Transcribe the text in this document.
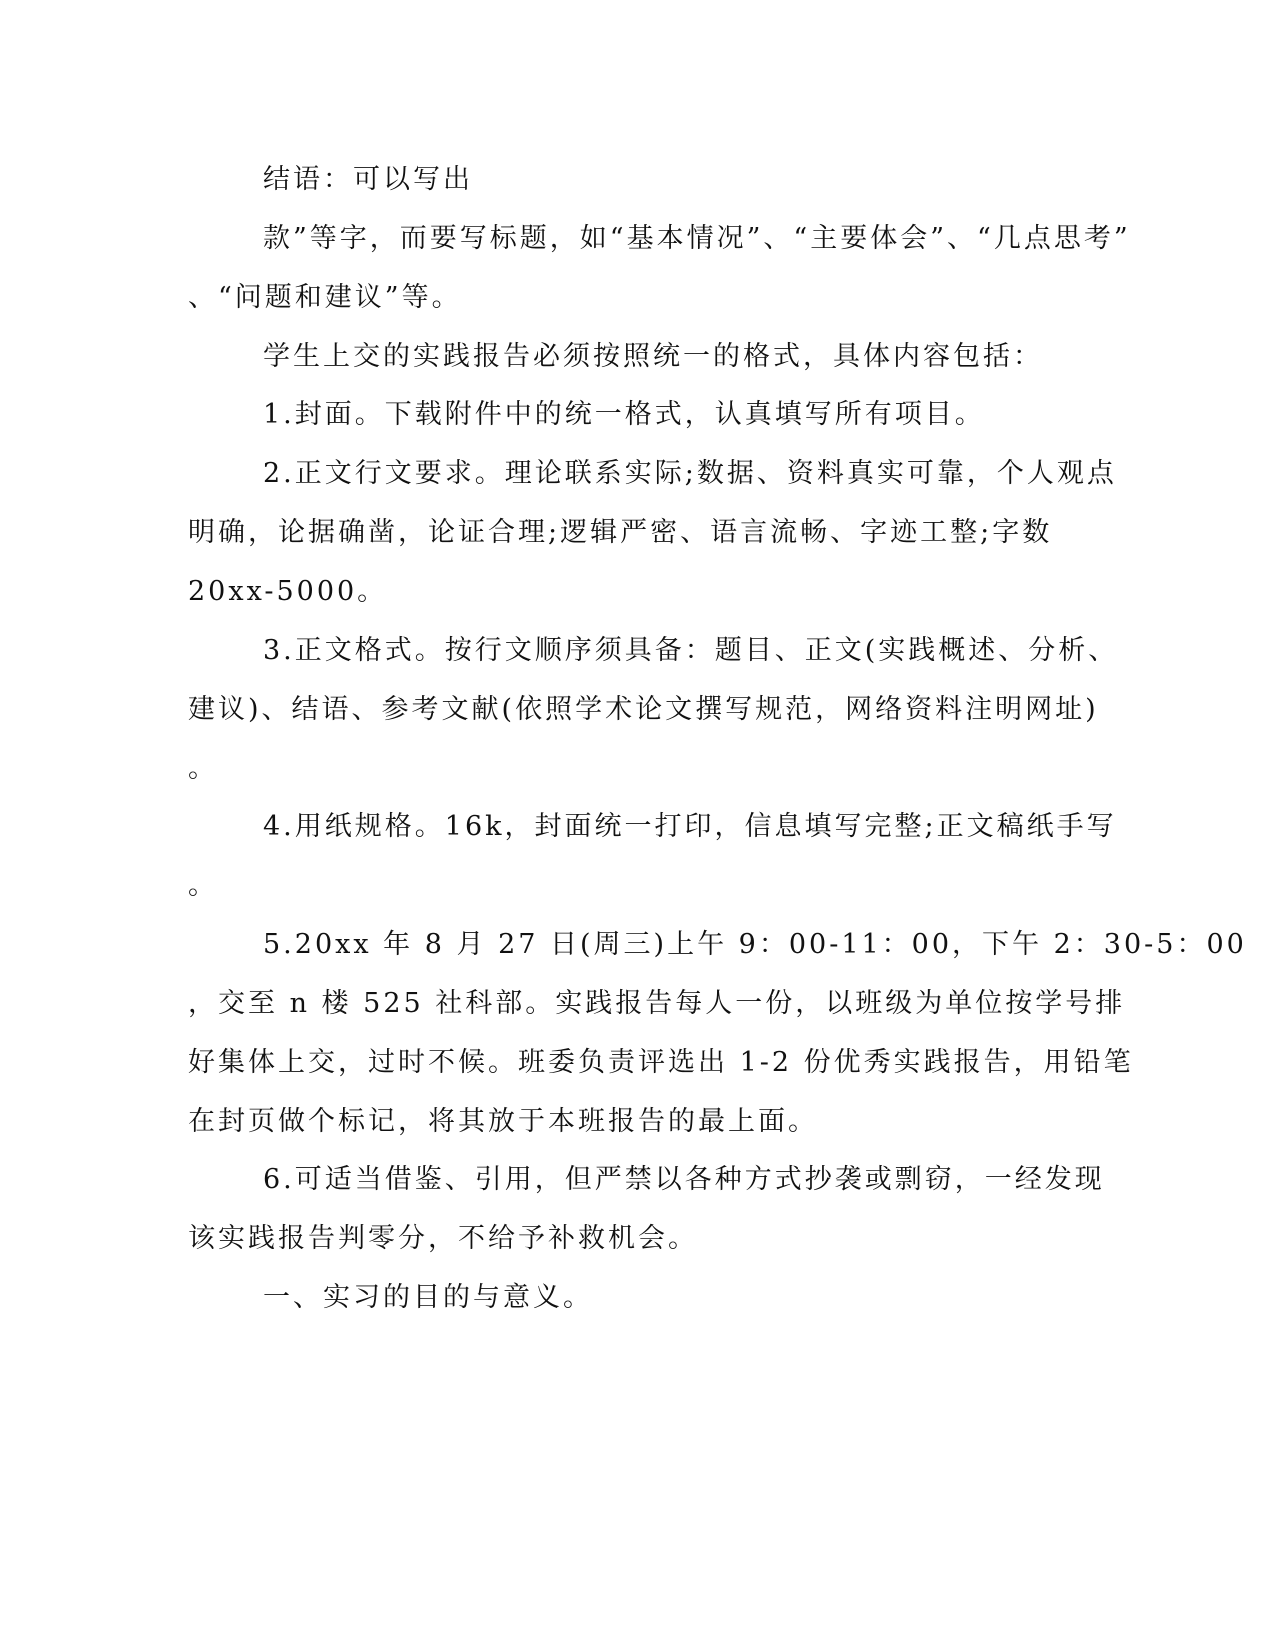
结语：可以写出
款”等字，而要写标题，如“基本情况”、“主要体会”、“几点思考”
、“问题和建议”等。
学生上交的实践报告必须按照统一的格式，具体内容包括：
1.封面。下载附件中的统一格式，认真填写所有项目。
2.正文行文要求。理论联系实际;数据、资料真实可靠，个人观点
明确，论据确凿，论证合理;逻辑严密、语言流畅、字迹工整;字数
20xx-5000。
3.正文格式。按行文顺序须具备：题目、正文(实践概述、分析、
建议)、结语、参考文献(依照学术论文撰写规范，网络资料注明网址)
。
4.用纸规格。16k，封面统一打印，信息填写完整;正文稿纸手写
。
5.20xx 年 8 月 27 日(周三)上午 9：00-11：00，下午 2：30-5：00
，交至 n 楼 525 社科部。实践报告每人一份，以班级为单位按学号排
好集体上交，过时不候。班委负责评选出 1-2 份优秀实践报告，用铅笔
在封页做个标记，将其放于本班报告的最上面。
6.可适当借鉴、引用，但严禁以各种方式抄袭或剽窃，一经发现
该实践报告判零分，不给予补救机会。
一、实习的目的与意义。
